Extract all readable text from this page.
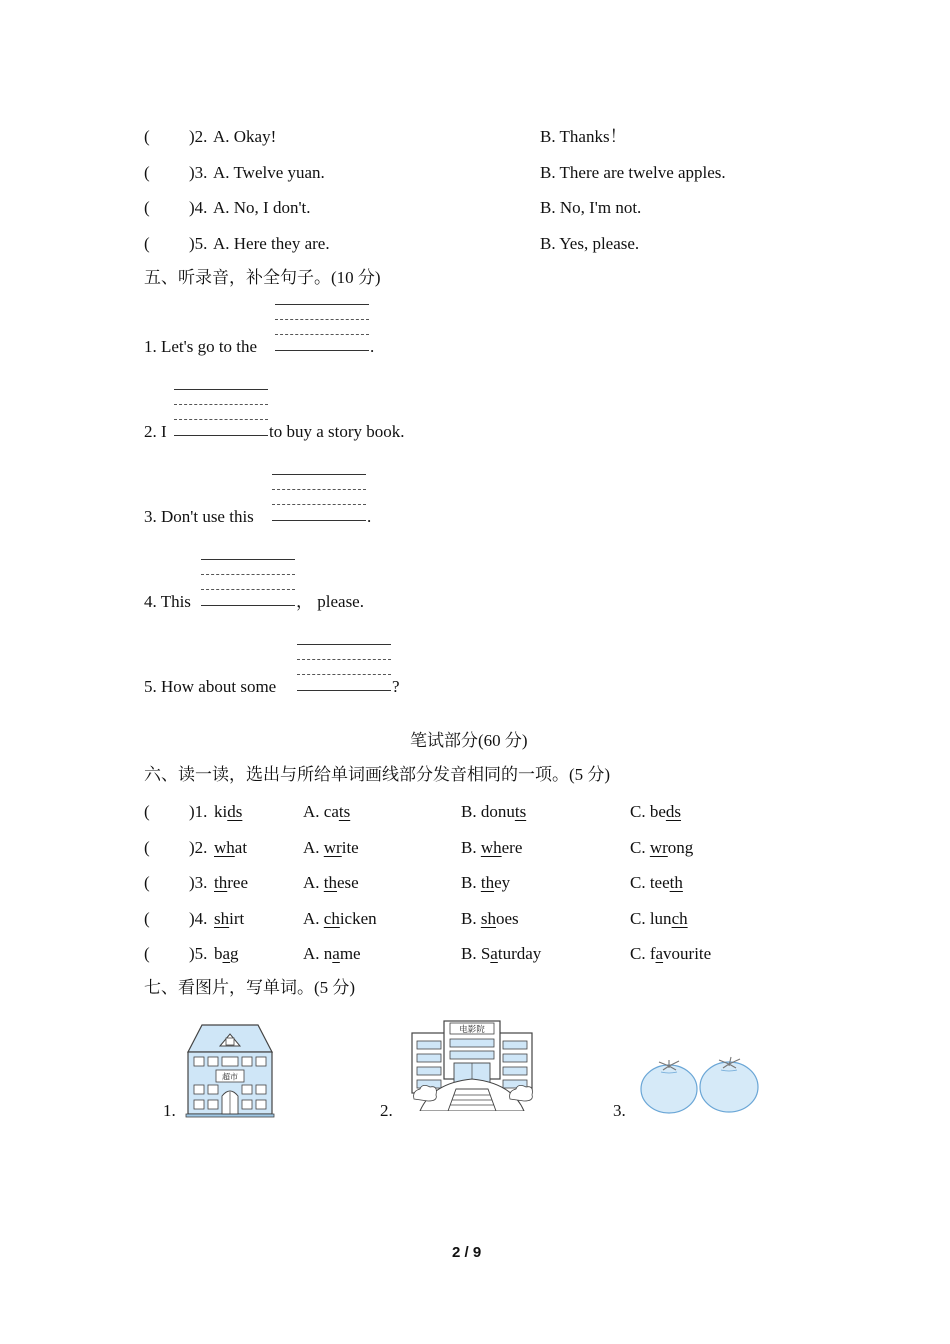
( )2. A. Okay!	B. Thanks！
( )3. A. Twelve yuan.	B. There are twelve apples.
( )4. A. No, I don't.	B. No, I'm not.
( )5. A. Here they are.	B. Yes, please.
五、听录音，补全句子。(10 分)
1. Let's go to the	.
2. I	to buy a story book.
3. Don't use this	.
4. This	， please.
5. How about some	?
笔试部分(60 分)
六、读一读，选出与所给单词画线部分发音相同的一项。(5 分)
( )1. kids	A. cats	B. donuts	C. beds
( )2. what	A. write	B. where	C. wrong
( )3. three	A. these	B. they	C. teeth
( )4. shirt	A. chicken	B. shoes	C. lunch
( )5. bag	A. name	B. Saturday	C. favourite
七、看图片，写单词。(5 分)
1.
超市
2.
电影院
3.
2 / 9
